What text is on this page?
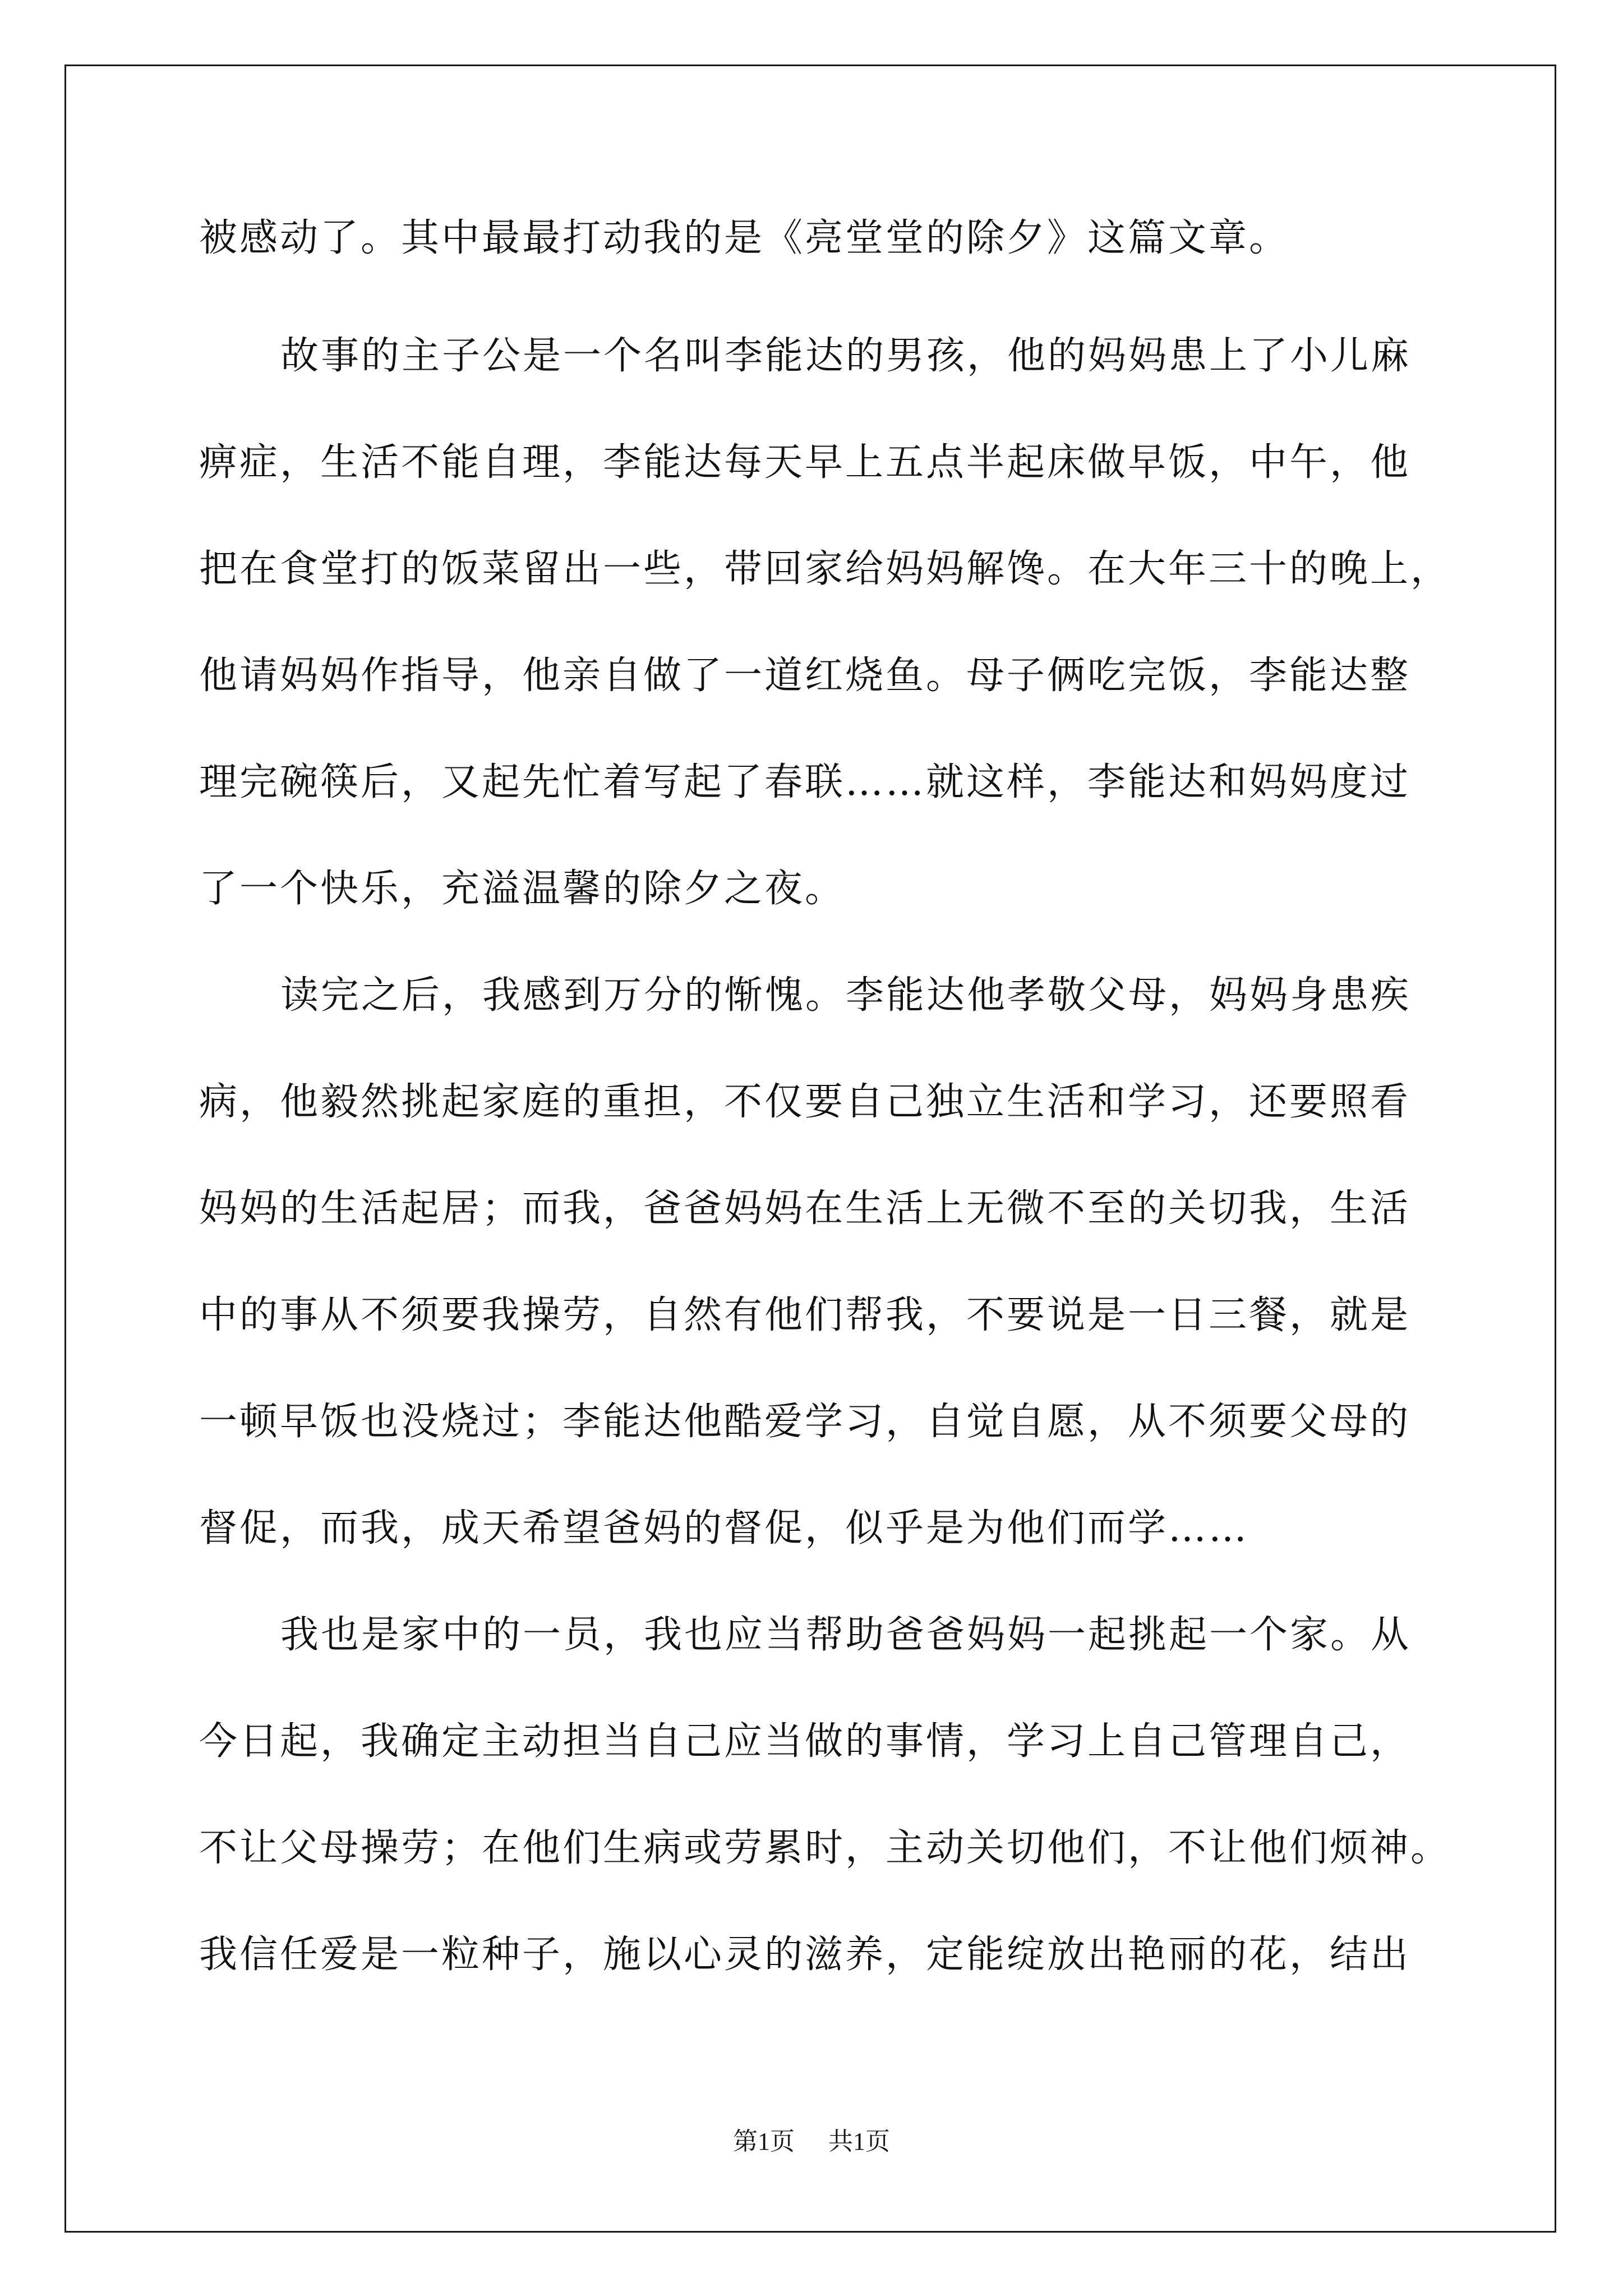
被感动了。其中最最打动我的是《亮堂堂的除夕》这篇文章。
故事的主子公是一个名叫李能达的男孩，他的妈妈患上了小儿麻
痹症，生活不能自理，李能达每天早上五点半起床做早饭，中午，他
把在食堂打的饭菜留出一些，带回家给妈妈解馋。在大年三十的晚上，
他请妈妈作指导，他亲自做了一道红烧鱼。母子俩吃完饭，李能达整
理完碗筷后，又起先忙着写起了春联……就这样，李能达和妈妈度过
了一个快乐，充溢温馨的除夕之夜。
读完之后，我感到万分的惭愧。李能达他孝敬父母，妈妈身患疾
病，他毅然挑起家庭的重担，不仅要自己独立生活和学习，还要照看
妈妈的生活起居；而我，爸爸妈妈在生活上无微不至的关切我，生活
中的事从不须要我操劳，自然有他们帮我，不要说是一日三餐，就是
一顿早饭也没烧过；李能达他酷爱学习，自觉自愿，从不须要父母的
督促，而我，成天希望爸妈的督促，似乎是为他们而学……
我也是家中的一员，我也应当帮助爸爸妈妈一起挑起一个家。从
今日起，我确定主动担当自己应当做的事情，学习上自己管理自己，
不让父母操劳；在他们生病或劳累时，主动关切他们，不让他们烦神。
我信任爱是一粒种子，施以心灵的滋养，定能绽放出艳丽的花，结出
第1页 共1页
